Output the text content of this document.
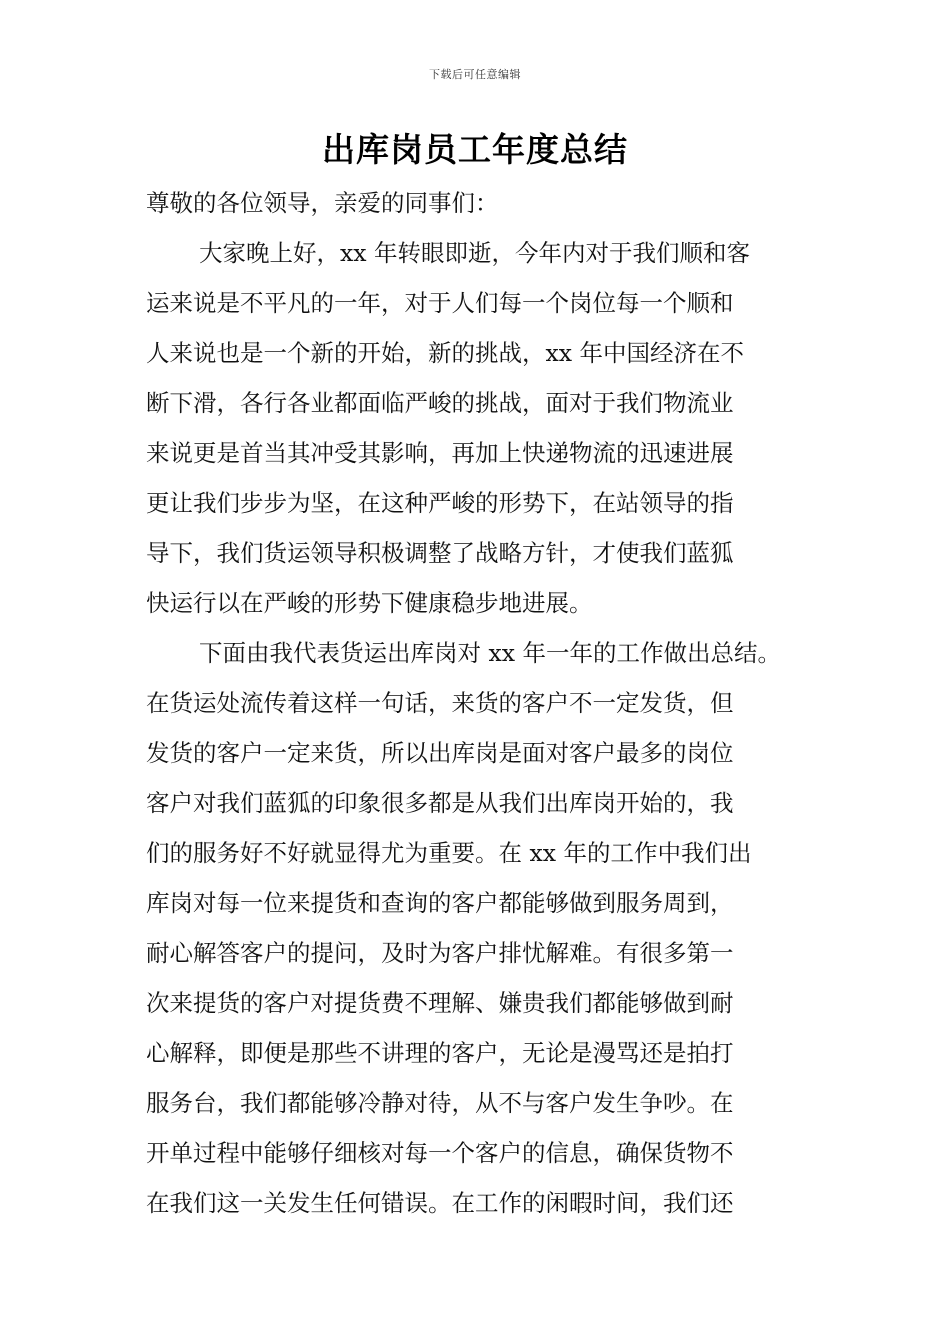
下载后可任意编辑
出库岗员工年度总结
尊敬的各位领导，亲爱的同事们：
大家晚上好，xx 年转眼即逝，今年内对于我们顺和客
运来说是不平凡的一年，对于人们每一个岗位每一个顺和
人来说也是一个新的开始，新的挑战，xx 年中国经济在不
断下滑，各行各业都面临严峻的挑战，面对于我们物流业
来说更是首当其冲受其影响，再加上快递物流的迅速进展
更让我们步步为坚，在这种严峻的形势下，在站领导的指
导下，我们货运领导积极调整了战略方针，才使我们蓝狐
快运行以在严峻的形势下健康稳步地进展。
下面由我代表货运出库岗对 xx 年一年的工作做出总结。
在货运处流传着这样一句话，来货的客户不一定发货，但
发货的客户一定来货，所以出库岗是面对客户最多的岗位
客户对我们蓝狐的印象很多都是从我们出库岗开始的，我
们的服务好不好就显得尤为重要。在 xx 年的工作中我们出
库岗对每一位来提货和查询的客户都能够做到服务周到，
耐心解答客户的提问，及时为客户排忧解难。有很多第一
次来提货的客户对提货费不理解、嫌贵我们都能够做到耐
心解释，即便是那些不讲理的客户，无论是漫骂还是拍打
服务台，我们都能够冷静对待，从不与客户发生争吵。在
开单过程中能够仔细核对每一个客户的信息，确保货物不
在我们这一关发生任何错误。在工作的闲暇时间，我们还
